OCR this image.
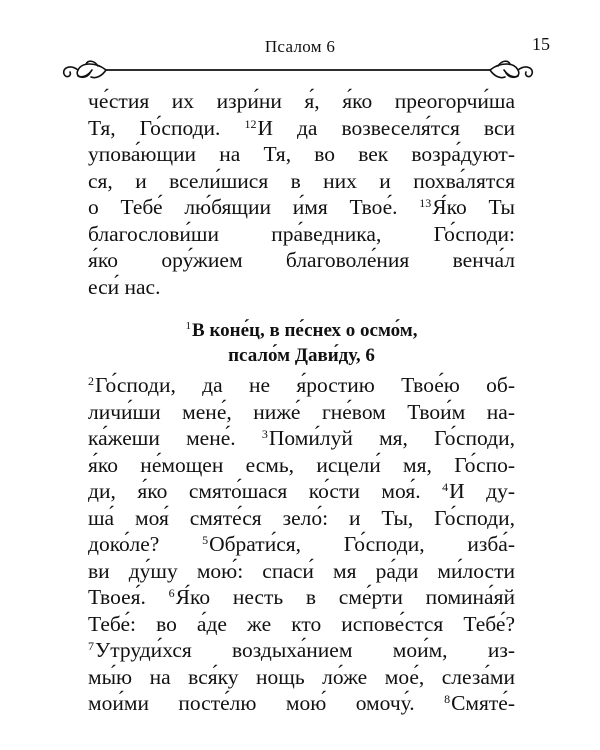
Псалом 6	15
че́стия их изри́ни я́, я́ко преогорчи́ша
Тя, Го́споди. $^{12}$И да возвеселя́тся вси
упова́ющии на Тя, во век возра́дуют-
ся, и всели́шися в них и похва́лятся
о Тебе́ лю́бящии и́мя Твое́. $^{13}$Я́ко Ты
благослови́ши пра́ведника, Го́споди:
я́ко ору́жием благоволе́ния венча́л
еси́ нас.
$^1$В коне́ц, в пе́снех о осмо́м,
псало́м Дави́ду, 6
$^2$Го́споди, да не я́ростию Твое́ю об-
личи́ши мене́, ниже́ гне́вом Твои́м на-
ка́жеши мене́. $^3$Поми́луй мя, Го́споди,
я́ко не́мощен есмь, исцели́ мя, Го́спо-
ди, я́ко смято́шася ко́сти моя́. $^4$И ду-
ша́ моя́ смяте́ся зело́: и Ты, Го́споди,
доко́ле? $^5$Обрати́ся, Го́споди, изба́-
ви ду́шу мою́: спаси́ мя ра́ди ми́лости
Твоея́. $^6$Я́ко несть в сме́рти помина́яй
Тебе́: во а́де же кто испове́стся Тебе́?
$^7$Утруди́хся воздыха́нием мои́м, из-
мы́ю на вся́ку нощь ло́же мое́, слеза́ми
мои́ми посте́лю мою́ омочу́. $^8$Смяте́-
